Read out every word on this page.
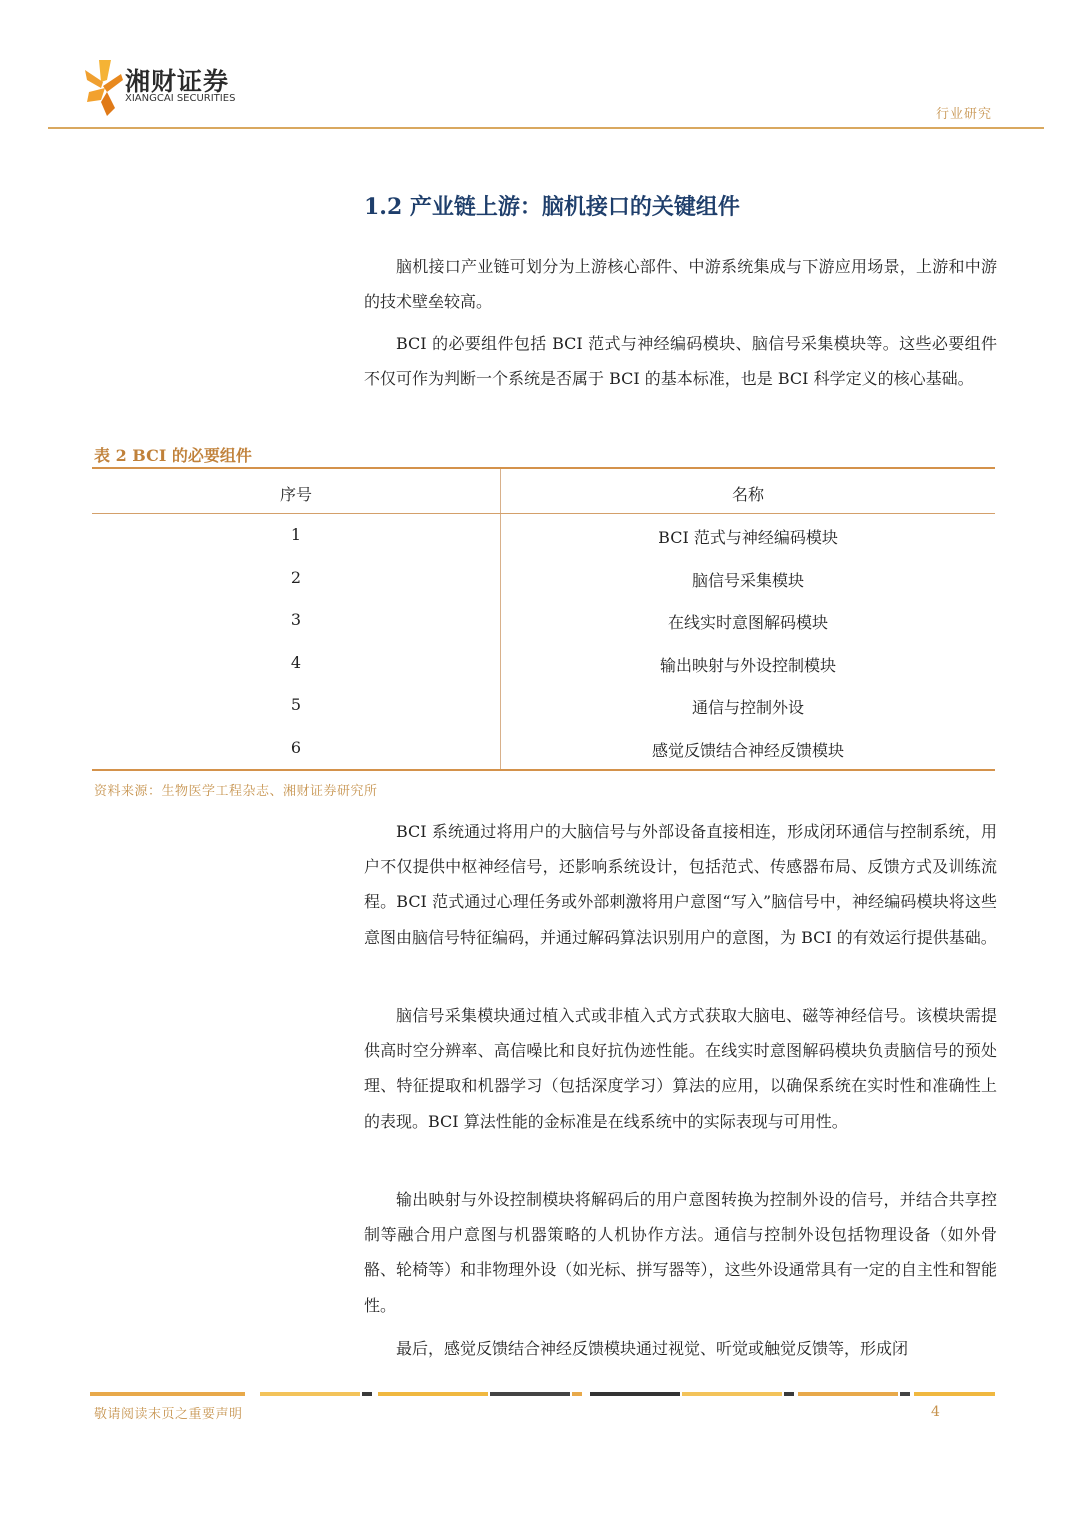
湘财证券
XIANGCAI SECURITIES
行业研究
1.2 产业链上游：脑机接口的关键组件

脑机接口产业链可划分为上游核心部件、中游系统集成与下游应用场景，上游和中游的技术壁垒较高。

BCI 的必要组件包括 BCI 范式与神经编码模块、脑信号采集模块等。这些必要组件不仅可作为判断一个系统是否属于 BCI 的基本标准，也是 BCI 科学定义的核心基础。

表 2 BCI 的必要组件
序号	名称
1	BCI 范式与神经编码模块
2	脑信号采集模块
3	在线实时意图解码模块
4	输出映射与外设控制模块
5	通信与控制外设
6	感觉反馈结合神经反馈模块
资料来源：生物医学工程杂志、湘财证券研究所

BCI 系统通过将用户的大脑信号与外部设备直接相连，形成闭环通信与控制系统，用户不仅提供中枢神经信号，还影响系统设计，包括范式、传感器布局、反馈方式及训练流程。BCI 范式通过心理任务或外部刺激将用户意图“写入”脑信号中，神经编码模块将这些意图由脑信号特征编码，并通过解码算法识别用户的意图，为 BCI 的有效运行提供基础。

脑信号采集模块通过植入式或非植入式方式获取大脑电、磁等神经信号。该模块需提供高时空分辨率、高信噪比和良好抗伪迹性能。在线实时意图解码模块负责脑信号的预处理、特征提取和机器学习（包括深度学习）算法的应用，以确保系统在实时性和准确性上的表现。BCI 算法性能的金标准是在线系统中的实际表现与可用性。

输出映射与外设控制模块将解码后的用户意图转换为控制外设的信号，并结合共享控制等融合用户意图与机器策略的人机协作方法。通信与控制外设包括物理设备（如外骨骼、轮椅等）和非物理外设（如光标、拼写器等），这些外设通常具有一定的自主性和智能性。

最后，感觉反馈结合神经反馈模块通过视觉、听觉或触觉反馈等，形成闭

敬请阅读末页之重要声明	4
